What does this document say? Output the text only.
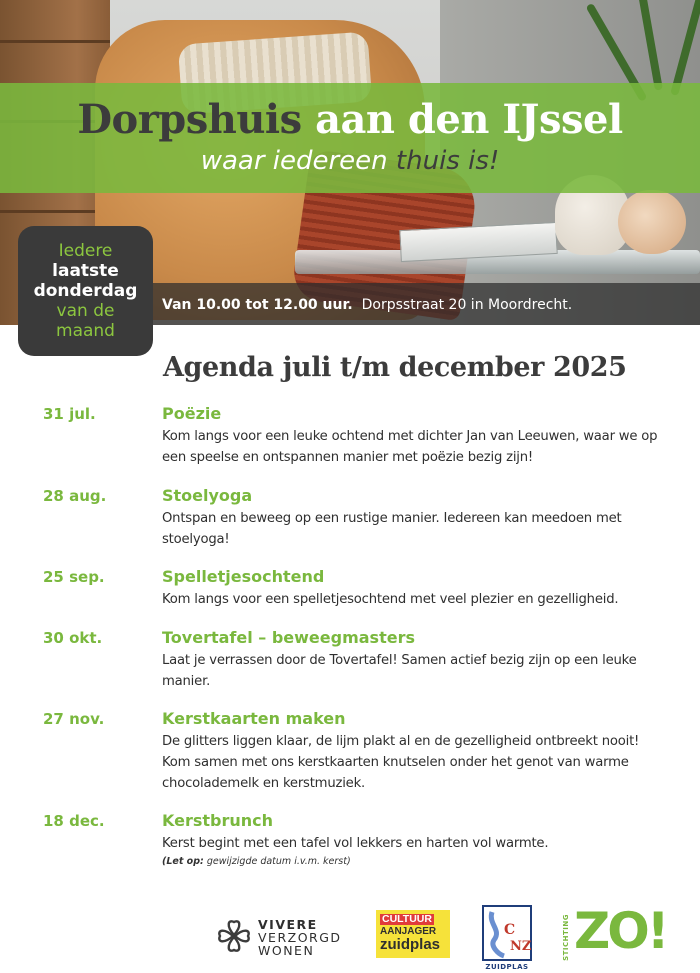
Dorpshuis aan den IJssel
waar iedereen thuis is!
Van 10.00 tot 12.00 uur. Dorpsstraat 20 in Moordrecht.
Iedere
laatste
donderdag
van de
maand
Agenda juli t/m december 2025
31 jul.	Poëzie
Kom langs voor een leuke ochtend met dichter Jan van Leeuwen, waar we op een speelse en ontspannen manier met poëzie bezig zijn!
28 aug.	Stoelyoga
Ontspan en beweeg op een rustige manier. Iedereen kan meedoen met stoelyoga!
25 sep.	Spelletjesochtend
Kom langs voor een spelletjesochtend met veel plezier en gezelligheid.
30 okt.	Tovertafel – beweegmasters
Laat je verrassen door de Tovertafel! Samen actief bezig zijn op een leuke manier.
27 nov.	Kerstkaarten maken
De glitters liggen klaar, de lijm plakt al en de gezelligheid ontbreekt nooit! Kom samen met ons kerstkaarten knutselen onder het genot van warme chocolademelk en kerstmuziek.
18 dec.	Kerstbrunch
Kerst begint met een tafel vol lekkers en harten vol warmte.
(Let op: gewijzigde datum i.v.m. kerst)
VIVERE
VERZORGD
WONEN
CULTUUR
AANJAGER
zuidplas
C
NZ
ZUIDPLAS
STICHTING ZO!
